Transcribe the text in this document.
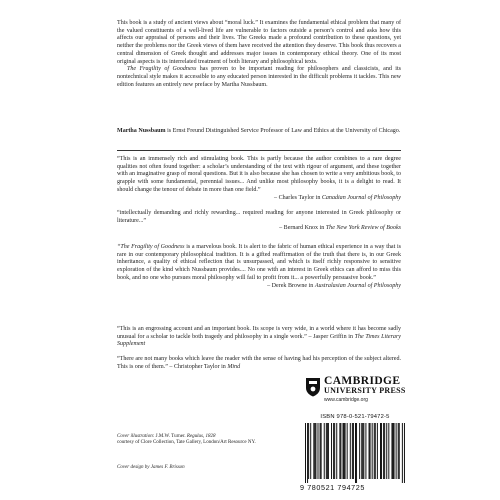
This book is a study of ancient views about “moral luck.” It examines the fundamental ethical problem that many of the valued constituents of a well-lived life are vulnerable to factors outside a person’s control and asks how this affects our appraisal of persons and their lives. The Greeks made a profound contribution to these questions, yet neither the problems nor the Greek views of them have received the attention they deserve. This book thus recovers a central dimension of Greek thought and addresses major issues in contemporary ethical theory. One of its most original aspects is its interrelated treatment of both literary and philosophical texts.

The Fragility of Goodness has proven to be important reading for philosophers and classicists, and its nontechnical style makes it accessible to any educated person interested in the difficult problems it tackles. This new edition features an entirely new preface by Martha Nussbaum.

Martha Nussbaum is Ernst Freund Distinguished Service Professor of Law and Ethics at the University of Chicago.

“This is an immensely rich and stimulating book. This is partly because the author combines to a rare degree qualities not often found together: a scholar’s understanding of the text with rigour of argument, and these together with an imaginative grasp of moral questions. But it is also because she has chosen to write a very ambitious book, to grapple with some fundamental, perennial issues... And unlike most philosophy books, it is a delight to read. It should change the tenour of debate in more than one field.”

– Charles Taylor in Canadian Journal of Philosophy

“intellectually demanding and richly rewarding... required reading for anyone interested in Greek philosophy or literature...”

– Bernard Knox in The New York Review of Books

“The Fragility of Goodness is a marvelous book. It is alert to the fabric of human ethical experience in a way that is rare in our contemporary philosophical tradition. It is a gifted reaffirmation of the truth that there is, in our Greek inheritance, a quality of ethical reflection that is unsurpassed, and which is itself richly responsive to sensitive exploration of the kind which Nussbaum provides.... No one with an interest in Greek ethics can afford to miss this book, and no one who pursues moral philosophy will fail to profit from it... a powerfully persuasive book.”

– Derek Browne in Australasian Journal of Philosophy

“This is an engrossing account and an important book. Its scope is very wide, in a world where it has become sadly unusual for a scholar to tackle both tragedy and philosophy in a single work.” – Jasper Griffin in The Times Literary Supplement

“There are not many books which leave the reader with the sense of having had his perception of the subject altered. This is one of them.” – Christopher Taylor in Mind

CAMBRIDGE
UNIVERSITY PRESS
www.cambridge.org

Cover illustration: J.M.W. Turner. Regulus, 1828
courtesy of Clore Collection, Tate Gallery, London/Art Resource NY.

Cover design by James F. Brisson

ISBN 978-0-521-79472-5
9 780521 794725
